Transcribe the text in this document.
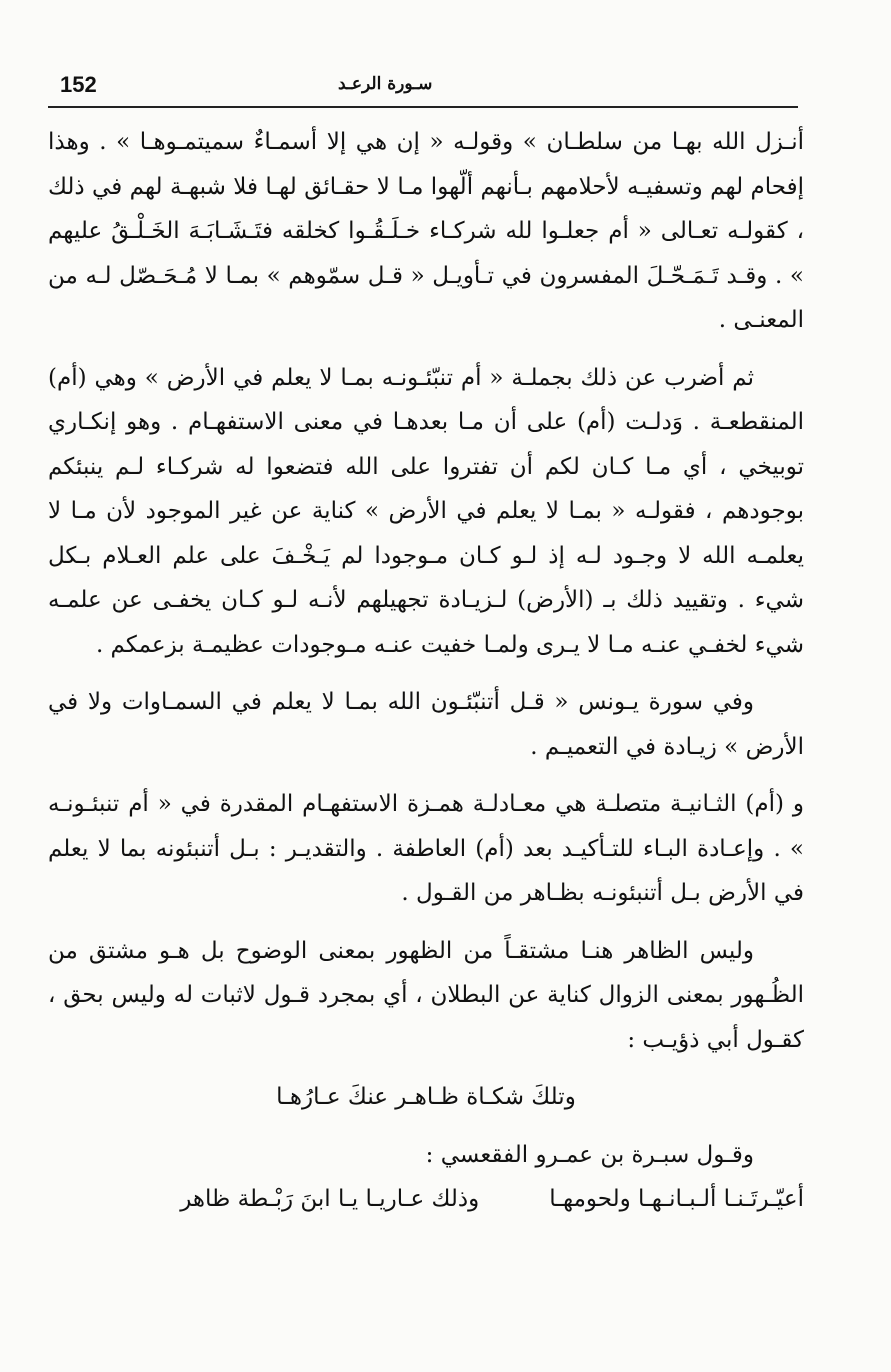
152	سـورة الرعـد

أنـزل الله بهـا من سلطـان » وقولـه « إن هي إلا أسمـاءٌ سميتمـوهـا » . وهذا إفحام لهم وتسفيـه لأحلامهم بـأنهم ألّهوا مـا لا حقـائق لهـا فلا شبهـة لهم في ذلك ، كقولـه تعـالى « أم جعلـوا لله شركـاء خـلَـقُـوا كخلقه فتَـشَـابَـهَ الخَـلْـقُ عليهم » . وقـد تَـمَـحّـلَ المفسرون في تـأويـل « قـل سمّوهم » بمـا لا مُـحَـصّل لـه من المعنـى .

ثم أضرب عن ذلك بجملـة « أم تنبّئـونـه بمـا لا يعلم في الأرض » وهي (أم) المنقطعـة . وَدلـت (أم) على أن مـا بعدهـا في معنى الاستفهـام . وهو إنكـاري توبيخي ، أي مـا كـان لكم أن تفتروا على الله فتضعوا له شركـاء لـم ينبئكم بوجودهم ، فقولـه « بمـا لا يعلم في الأرض » كناية عن غير الموجود لأن مـا لا يعلمـه الله لا وجـود لـه إذ لـو كـان مـوجودا لم يَـخْـفَ على علم العـلام بـكل شيء . وتقييد ذلك بـ (الأرض) لـزيـادة تجهيلهم لأنـه لـو كـان يخفـى عن علمـه شيء لخفـي عنـه مـا لا يـرى ولمـا خفيت عنـه مـوجودات عظيمـة بزعمكم .

وفي سورة يـونس « قـل أتنبّئـون الله بمـا لا يعلم في السمـاوات ولا في الأرض » زيـادة في التعميـم .

و (أم) الثـانيـة متصلـة هي معـادلـة همـزة الاستفهـام المقدرة في « أم تنبئـونـه » . وإعـادة البـاء للتـأكيـد بعد (أم) العاطفة . والتقديـر : بـل أتنبئونه بما لا يعلم في الأرض بـل أتنبئونـه بظـاهر من القـول .

وليس الظاهر هنـا مشتقـاً من الظهور بمعنى الوضوح بل هـو مشتق من الظُـهور بمعنى الزوال كناية عن البطلان ، أي بمجرد قـول لاثبات له وليس بحق ، كقـول أبي ذؤيـب :

وتلكَ شكـاة ظـاهـر عنكَ عـارُهـا

وقـول سبـرة بن عمـرو الفقعسي :

أعيّـرتَـنـا ألـبـانـهـا ولحومهـا
وذلك عـاريـا يـا ابنَ رَبْـطة ظاهر
